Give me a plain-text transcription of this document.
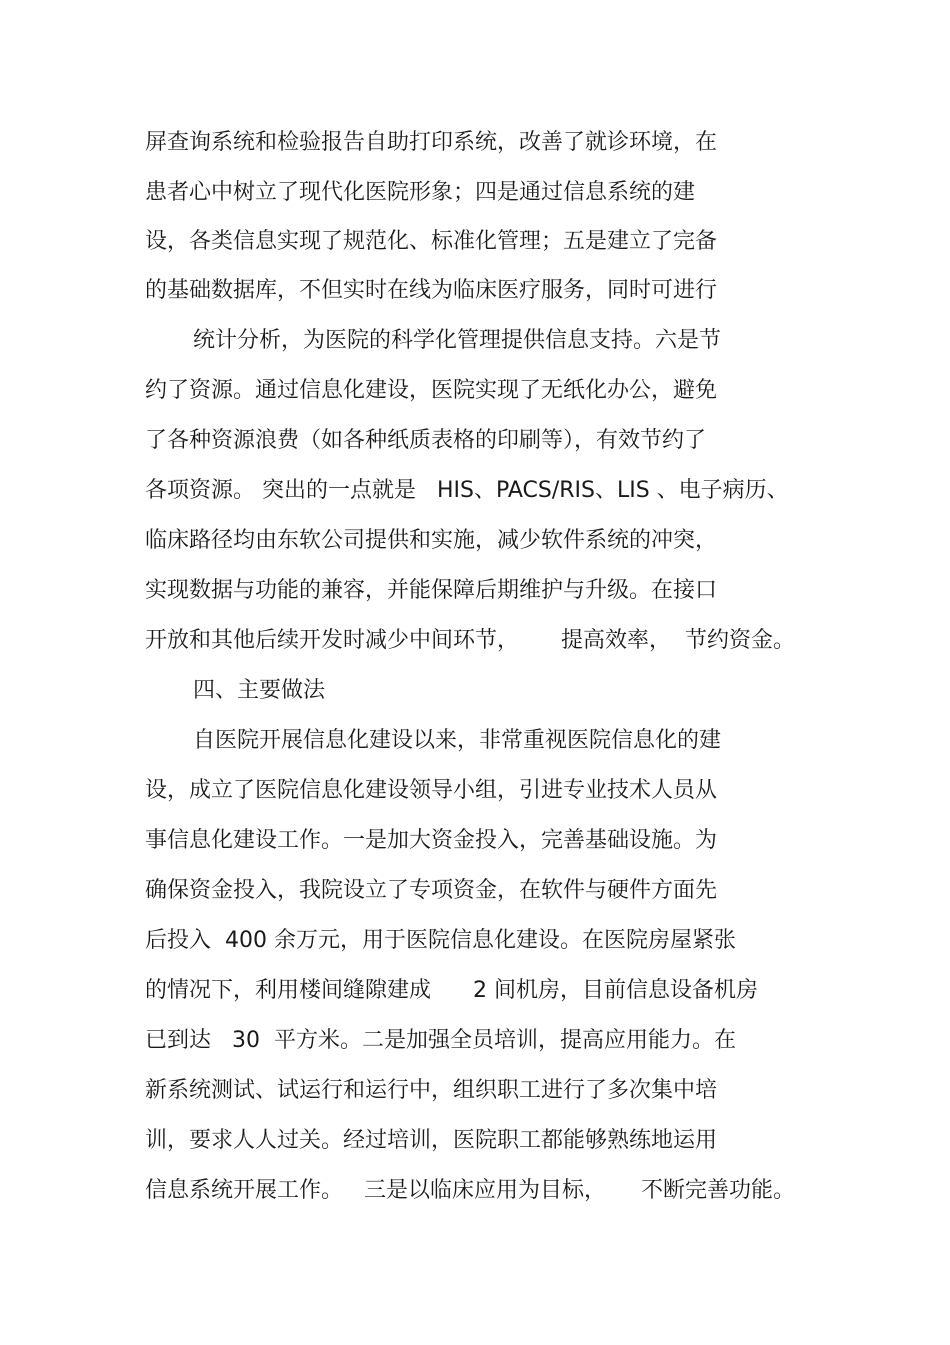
屏查询系统和检验报告自助打印系统，改善了就诊环境，在
患者心中树立了现代化医院形象；四是通过信息系统的建
设，各类信息实现了规范化、标准化管理；五是建立了完备
的基础数据库，不但实时在线为临床医疗服务，同时可进行
统计分析，为医院的科学化管理提供信息支持。六是节
约了资源。通过信息化建设，医院实现了无纸化办公，避免
了各种资源浪费（如各种纸质表格的印刷等），有效节约了
各项资源。 突出的一点就是   HIS、PACS/RIS、LIS 、电子病历、
临床路径均由东软公司提供和实施，减少软件系统的冲突，
实现数据与功能的兼容，并能保障后期维护与升级。在接口
开放和其他后续开发时减少中间环节，      提高效率，  节约资金。
四、主要做法
自医院开展信息化建设以来，非常重视医院信息化的建
设，成立了医院信息化建设领导小组，引进专业技术人员从
事信息化建设工作。一是加大资金投入，完善基础设施。为
确保资金投入，我院设立了专项资金，在软件与硬件方面先
后投入  400 余万元，用于医院信息化建设。在医院房屋紧张
的情况下，利用楼间缝隙建成      2 间机房，目前信息设备机房
已到达   30  平方米。二是加强全员培训，提高应用能力。在
新系统测试、试运行和运行中，组织职工进行了多次集中培
训，要求人人过关。经过培训，医院职工都能够熟练地运用
信息系统开展工作。   三是以临床应用为目标，     不断完善功能。
